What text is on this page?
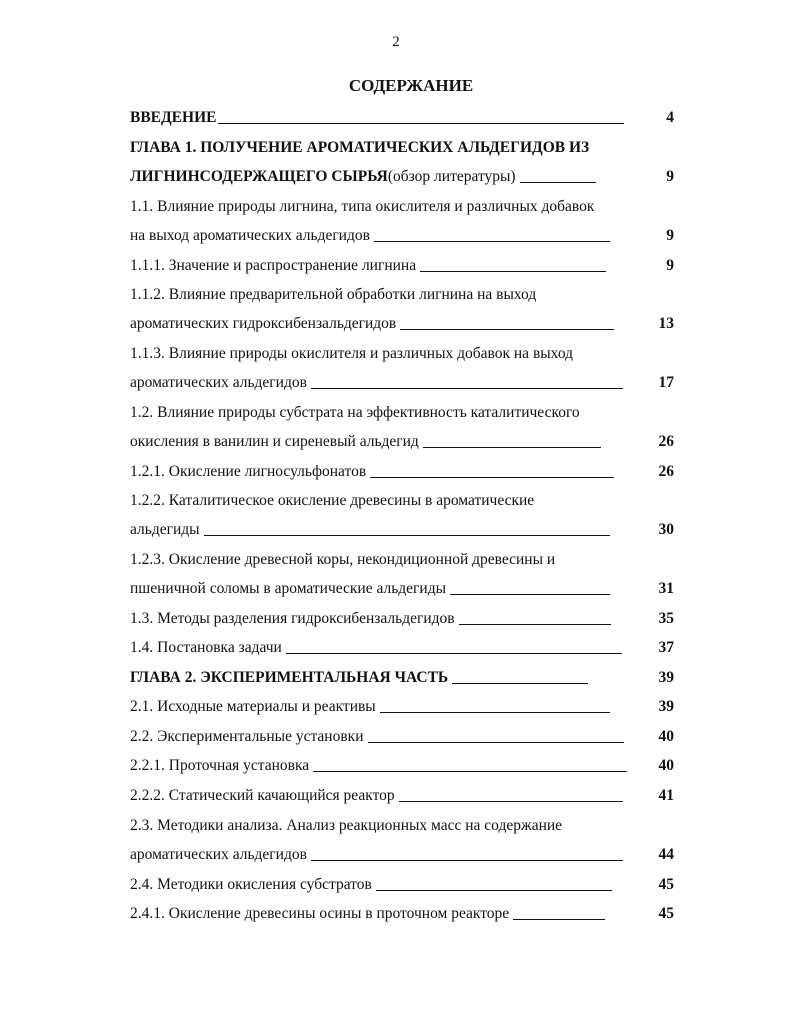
2
СОДЕРЖАНИЕ
ВВЕДЕНИЕ	4
ГЛАВА 1. ПОЛУЧЕНИЕ АРОМАТИЧЕСКИХ АЛЬДЕГИДОВ ИЗ
ЛИГНИНСОДЕРЖАЩЕГО СЫРЬЯ (обзор литературы)	9
1.1. Влияние природы лигнина, типа окислителя и различных добавок
на выход ароматических альдегидов	9
1.1.1. Значение и распространение лигнина	9
1.1.2. Влияние предварительной обработки лигнина на выход
ароматических гидроксибензальдегидов	13
1.1.3. Влияние природы окислителя и различных добавок на выход
ароматических альдегидов	17
1.2. Влияние природы субстрата на эффективность каталитического
окисления в ванилин и сиреневый альдегид	26
1.2.1. Окисление лигносульфонатов	26
1.2.2. Каталитическое окисление древесины в ароматические
альдегиды	30
1.2.3. Окисление древесной коры, некондиционной древесины и
пшеничной соломы в ароматические альдегиды	31
1.3. Методы разделения гидроксибензальдегидов	35
1.4. Постановка задачи	37
ГЛАВА 2. ЭКСПЕРИМЕНТАЛЬНАЯ ЧАСТЬ	39
2.1. Исходные материалы и реактивы	39
2.2. Экспериментальные установки	40
2.2.1. Проточная установка	40
2.2.2. Статический качающийся реактор	41
2.3. Методики анализа. Анализ реакционных масс на содержание
ароматических альдегидов	44
2.4. Методики окисления субстратов	45
2.4.1. Окисление древесины осины в проточном реакторе	45
